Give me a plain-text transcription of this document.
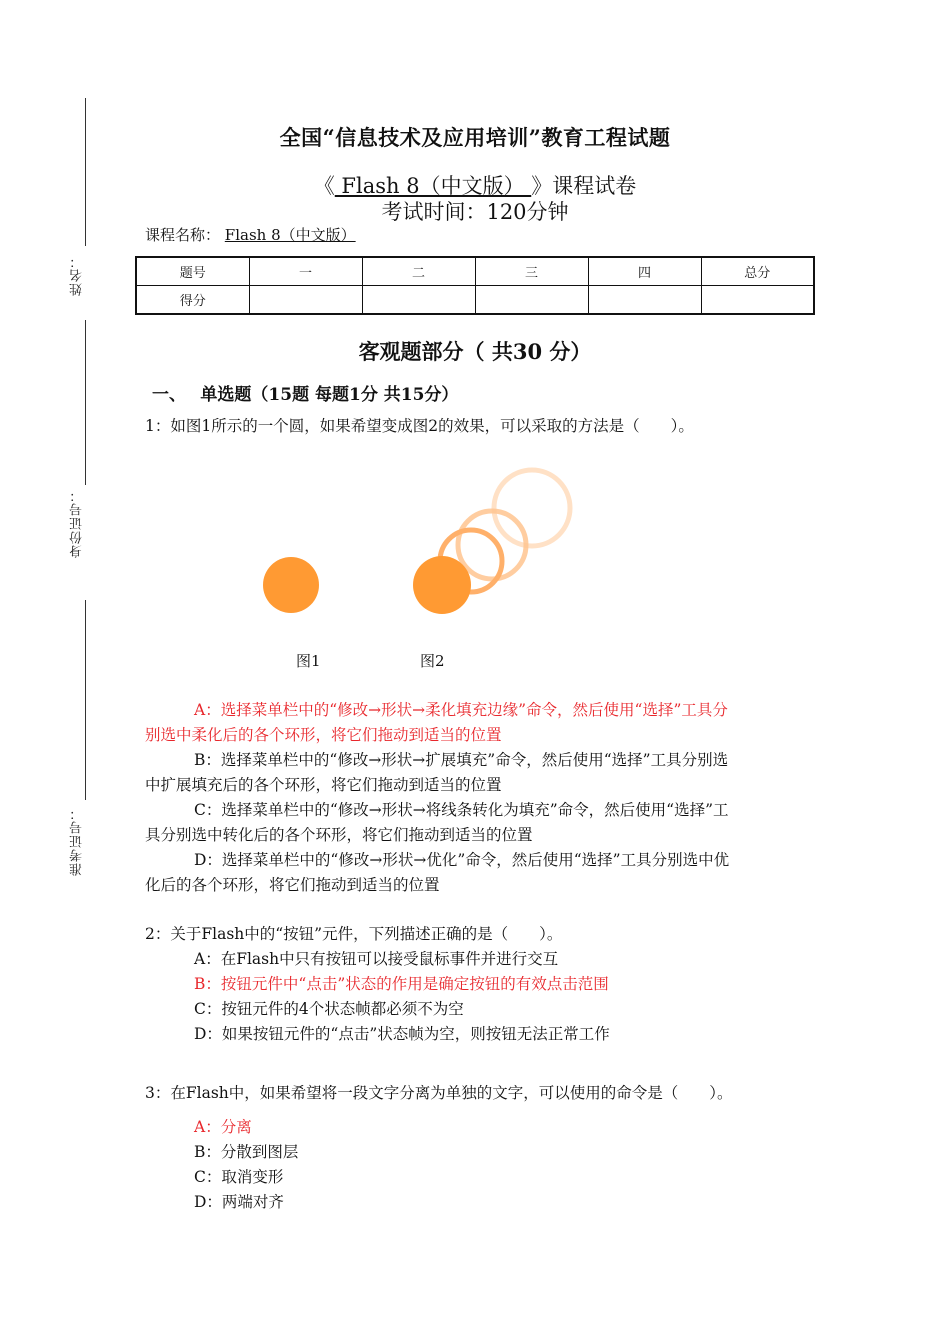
姓名：
身份证号：
准考证号：
全国“信息技术及应用培训”教育工程试题
《 Flash 8（中文版） 》课程试卷
考试时间：120分钟
课程名称： Flash 8（中文版）
题号	一	二	三	四	总分
得分					
客观题部分（ 共30 分）
一、　 单选题（15题 每题1分 共15分）
1：如图1所示的一个圆，如果希望变成图2的效果，可以采取的方法是（　　）。
图1	图2
A：选择菜单栏中的“修改→形状→柔化填充边缘”命令，然后使用“选择”工具分
别选中柔化后的各个环形，将它们拖动到适当的位置
B：选择菜单栏中的“修改→形状→扩展填充”命令，然后使用“选择”工具分别选
中扩展填充后的各个环形，将它们拖动到适当的位置
C：选择菜单栏中的“修改→形状→将线条转化为填充”命令，然后使用“选择”工
具分别选中转化后的各个环形，将它们拖动到适当的位置
D：选择菜单栏中的“修改→形状→优化”命令，然后使用“选择”工具分别选中优
化后的各个环形，将它们拖动到适当的位置
2：关于Flash中的“按钮”元件，下列描述正确的是（　　）。
A：在Flash中只有按钮可以接受鼠标事件并进行交互
B：按钮元件中“点击”状态的作用是确定按钮的有效点击范围
C：按钮元件的4个状态帧都必须不为空
D：如果按钮元件的“点击”状态帧为空，则按钮无法正常工作
3：在Flash中，如果希望将一段文字分离为单独的文字，可以使用的命令是（　　）。
A：分离
B：分散到图层
C：取消变形
D：两端对齐
